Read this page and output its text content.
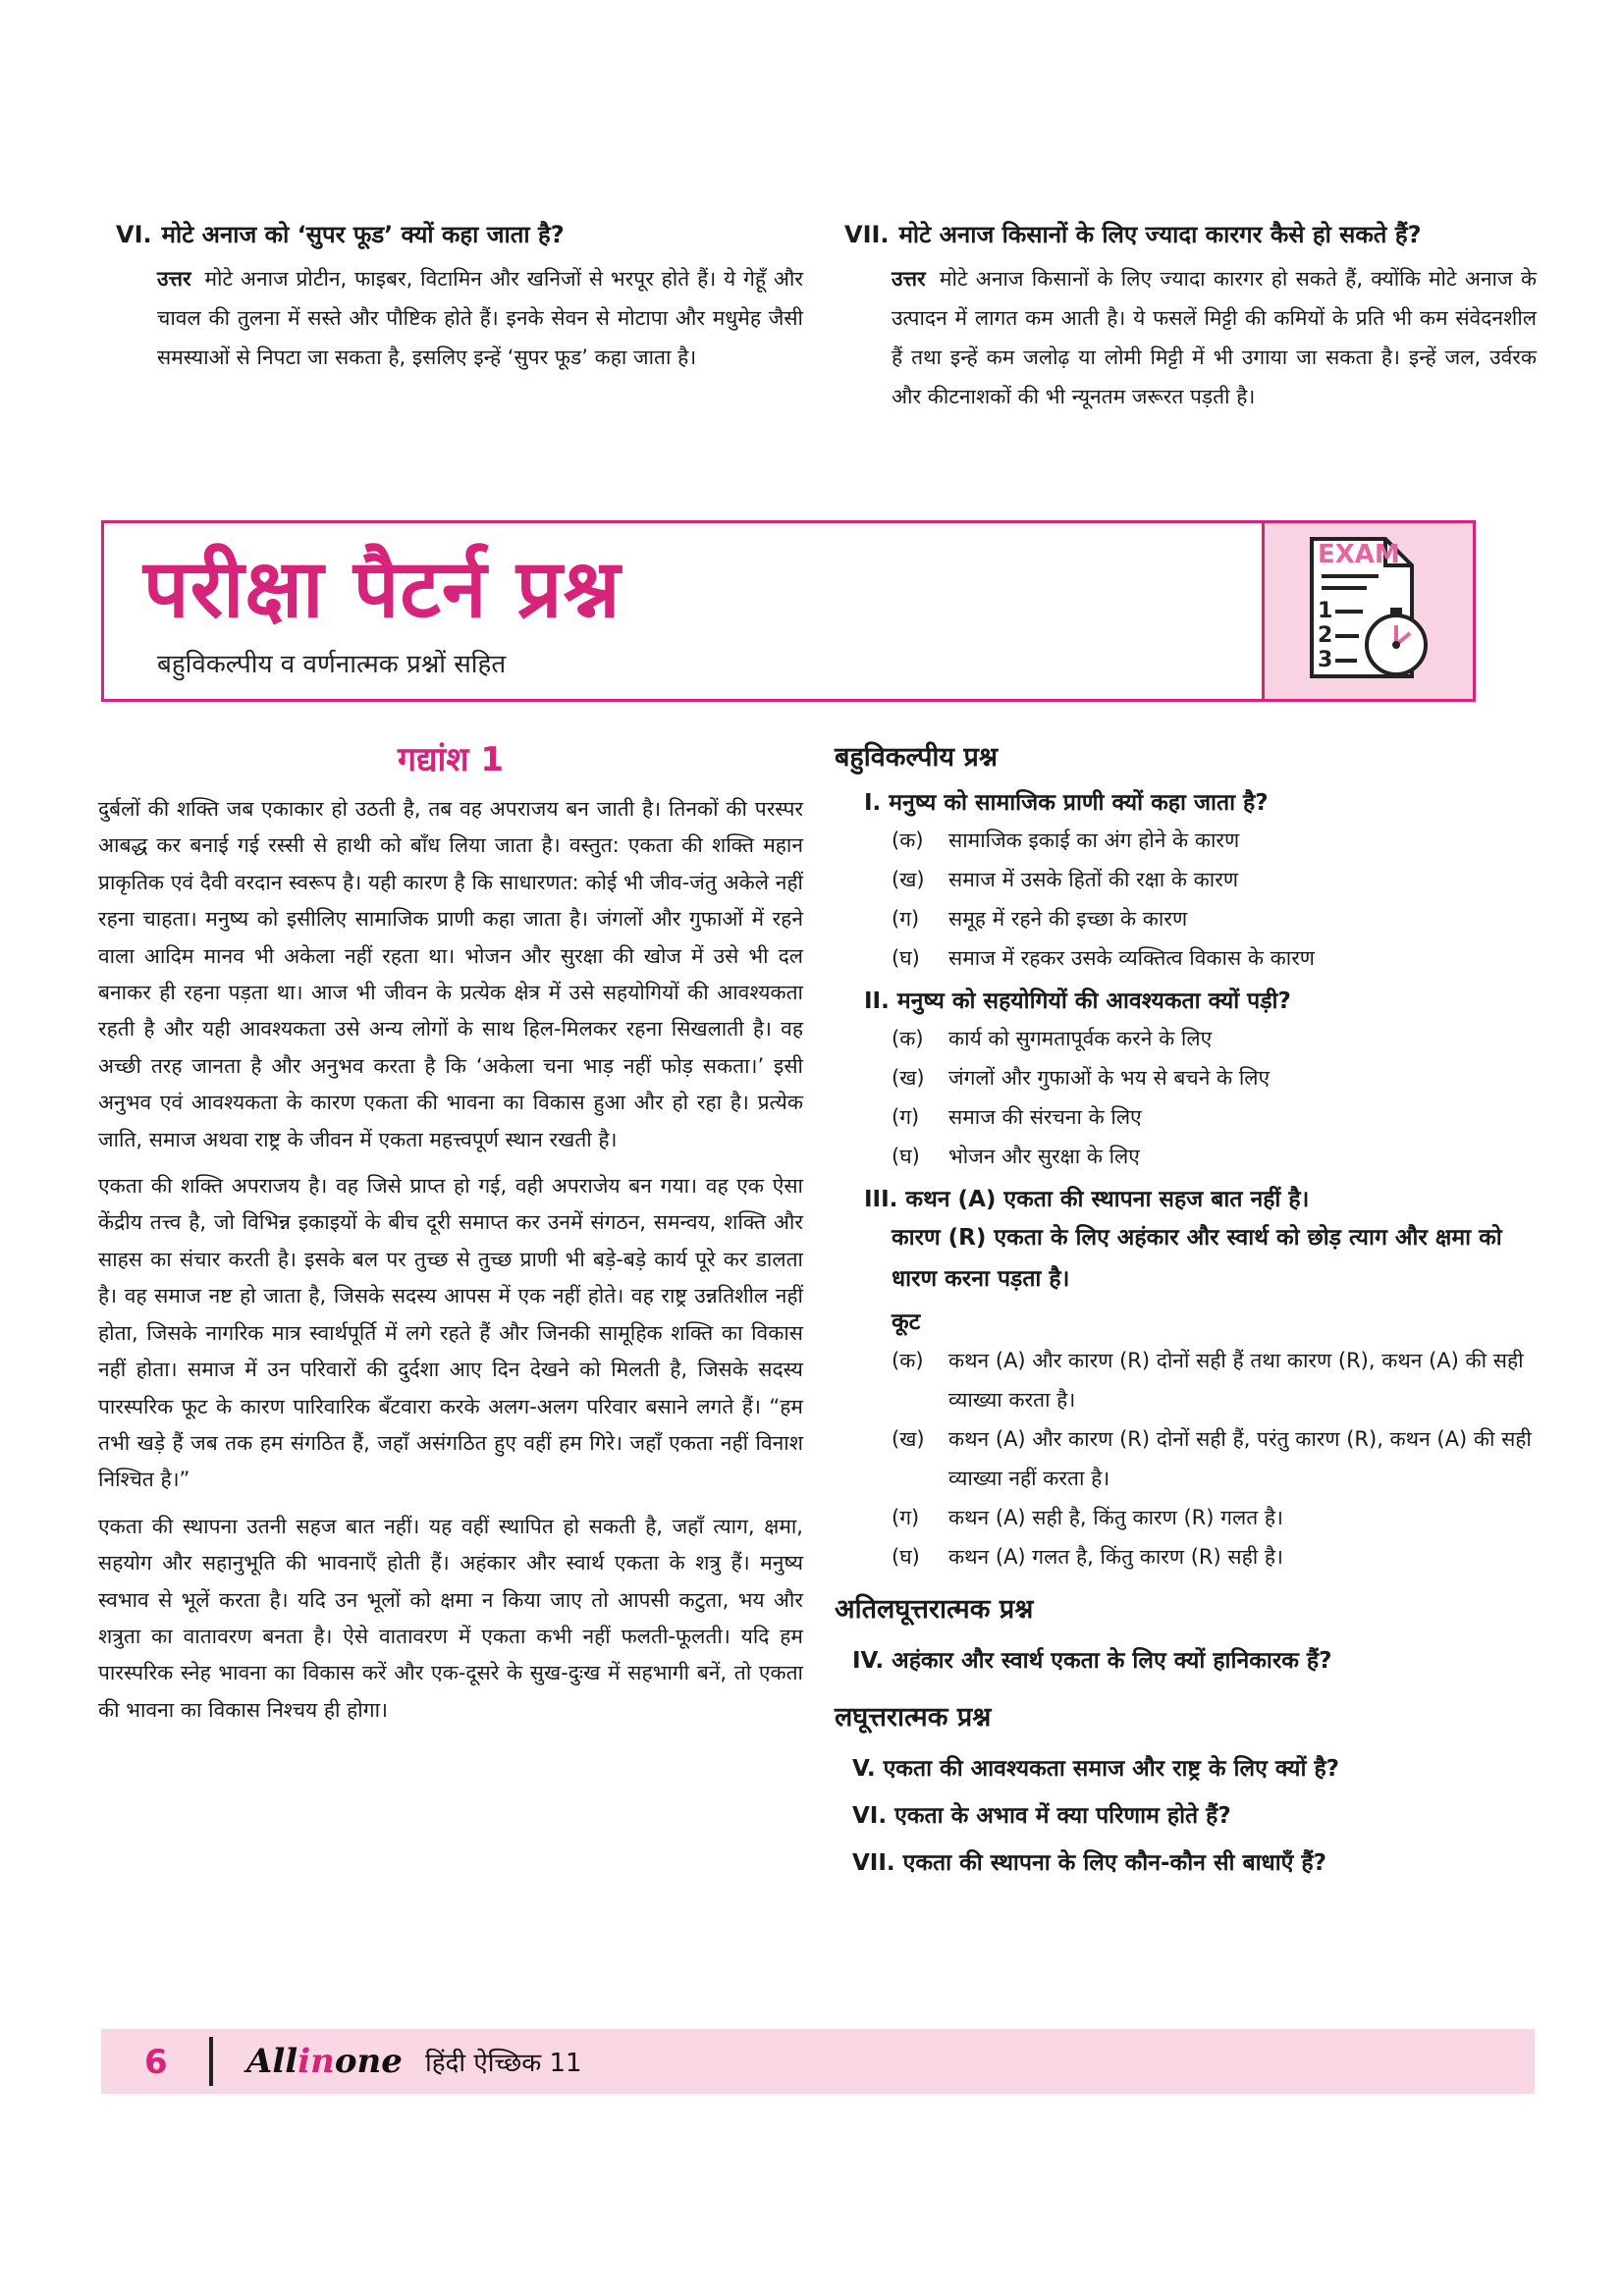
VI. मोटे अनाज को ‘सुपर फूड’ क्यों कहा जाता है?
उत्तर मोटे अनाज प्रोटीन, फाइबर, विटामिन और खनिजों से भरपूर होते हैं। ये गेहूँ और चावल की तुलना में सस्ते और पौष्टिक होते हैं। इनके सेवन से मोटापा और मधुमेह जैसी समस्याओं से निपटा जा सकता है, इसलिए इन्हें ‘सुपर फूड’ कहा जाता है।
VII. मोटे अनाज किसानों के लिए ज्यादा कारगर कैसे हो सकते हैं?
उत्तर मोटे अनाज किसानों के लिए ज्यादा कारगर हो सकते हैं, क्योंकि मोटे अनाज के उत्पादन में लागत कम आती है। ये फसलें मिट्टी की कमियों के प्रति भी कम संवेदनशील हैं तथा इन्हें कम जलोढ़ या लोमी मिट्टी में भी उगाया जा सकता है। इन्हें जल, उर्वरक और कीटनाशकों की भी न्यूनतम जरूरत पड़ती है।
परीक्षा पैटर्न प्रश्न
बहुविकल्पीय व वर्णनात्मक प्रश्नों सहित
EXAM
1
2
3
गद्यांश 1

दुर्बलों की शक्ति जब एकाकार हो उठती है, तब वह अपराजय बन जाती है। तिनकों की परस्पर आबद्ध कर बनाई गई रस्सी से हाथी को बाँध लिया जाता है। वस्तुत: एकता की शक्ति महान प्राकृतिक एवं दैवी वरदान स्वरूप है। यही कारण है कि साधारणत: कोई भी जीव-जंतु अकेले नहीं रहना चाहता। मनुष्य को इसीलिए सामाजिक प्राणी कहा जाता है। जंगलों और गुफाओं में रहने वाला आदिम मानव भी अकेला नहीं रहता था। भोजन और सुरक्षा की खोज में उसे भी दल बनाकर ही रहना पड़ता था। आज भी जीवन के प्रत्येक क्षेत्र में उसे सहयोगियों की आवश्यकता रहती है और यही आवश्यकता उसे अन्य लोगों के साथ हिल-मिलकर रहना सिखलाती है। वह अच्छी तरह जानता है और अनुभव करता है कि ‘अकेला चना भाड़ नहीं फोड़ सकता।’ इसी अनुभव एवं आवश्यकता के कारण एकता की भावना का विकास हुआ और हो रहा है। प्रत्येक जाति, समाज अथवा राष्ट्र के जीवन में एकता महत्त्वपूर्ण स्थान रखती है।

एकता की शक्ति अपराजय है। वह जिसे प्राप्त हो गई, वही अपराजेय बन गया। वह एक ऐसा केंद्रीय तत्त्व है, जो विभिन्न इकाइयों के बीच दूरी समाप्त कर उनमें संगठन, समन्वय, शक्ति और साहस का संचार करती है। इसके बल पर तुच्छ से तुच्छ प्राणी भी बड़े-बड़े कार्य पूरे कर डालता है। वह समाज नष्ट हो जाता है, जिसके सदस्य आपस में एक नहीं होते। वह राष्ट्र उन्नतिशील नहीं होता, जिसके नागरिक मात्र स्वार्थपूर्ति में लगे रहते हैं और जिनकी सामूहिक शक्ति का विकास नहीं होता। समाज में उन परिवारों की दुर्दशा आए दिन देखने को मिलती है, जिसके सदस्य पारस्परिक फूट के कारण पारिवारिक बँटवारा करके अलग-अलग परिवार बसाने लगते हैं। “हम तभी खड़े हैं जब तक हम संगठित हैं, जहाँ असंगठित हुए वहीं हम गिरे। जहाँ एकता नहीं विनाश निश्चित है।”

एकता की स्थापना उतनी सहज बात नहीं। यह वहीं स्थापित हो सकती है, जहाँ त्याग, क्षमा, सहयोग और सहानुभूति की भावनाएँ होती हैं। अहंकार और स्वार्थ एकता के शत्रु हैं। मनुष्य स्वभाव से भूलें करता है। यदि उन भूलों को क्षमा न किया जाए तो आपसी कटुता, भय और शत्रुता का वातावरण बनता है। ऐसे वातावरण में एकता कभी नहीं फलती-फूलती। यदि हम पारस्परिक स्नेह भावना का विकास करें और एक-दूसरे के सुख-दुःख में सहभागी बनें, तो एकता की भावना का विकास निश्चय ही होगा।

बहुविकल्पीय प्रश्न
I. मनुष्य को सामाजिक प्राणी क्यों कहा जाता है?
(क)	सामाजिक इकाई का अंग होने के कारण
(ख)	समाज में उसके हितों की रक्षा के कारण
(ग)	समूह में रहने की इच्छा के कारण
(घ)	समाज में रहकर उसके व्यक्तित्व विकास के कारण
II. मनुष्य को सहयोगियों की आवश्यकता क्यों पड़ी?
(क)	कार्य को सुगमतापूर्वक करने के लिए
(ख)	जंगलों और गुफाओं के भय से बचने के लिए
(ग)	समाज की संरचना के लिए
(घ)	भोजन और सुरक्षा के लिए
III. कथन (A) एकता की स्थापना सहज बात नहीं है।
कारण (R) एकता के लिए अहंकार और स्वार्थ को छोड़ त्याग और क्षमा को धारण करना पड़ता है।
कूट
(क)	कथन (A) और कारण (R) दोनों सही हैं तथा कारण (R), कथन (A) की सही व्याख्या करता है।
(ख)	कथन (A) और कारण (R) दोनों सही हैं, परंतु कारण (R), कथन (A) की सही व्याख्या नहीं करता है।
(ग)	कथन (A) सही है, किंतु कारण (R) गलत है।
(घ)	कथन (A) गलत है, किंतु कारण (R) सही है।
अतिलघूत्तरात्मक प्रश्न
IV. अहंकार और स्वार्थ एकता के लिए क्यों हानिकारक हैं?
लघूत्तरात्मक प्रश्न
V. एकता की आवश्यकता समाज और राष्ट्र के लिए क्यों है?
VI. एकता के अभाव में क्या परिणाम होते हैं?
VII. एकता की स्थापना के लिए कौन-कौन सी बाधाएँ हैं?
6 Allinone हिंदी ऐच्छिक 11
